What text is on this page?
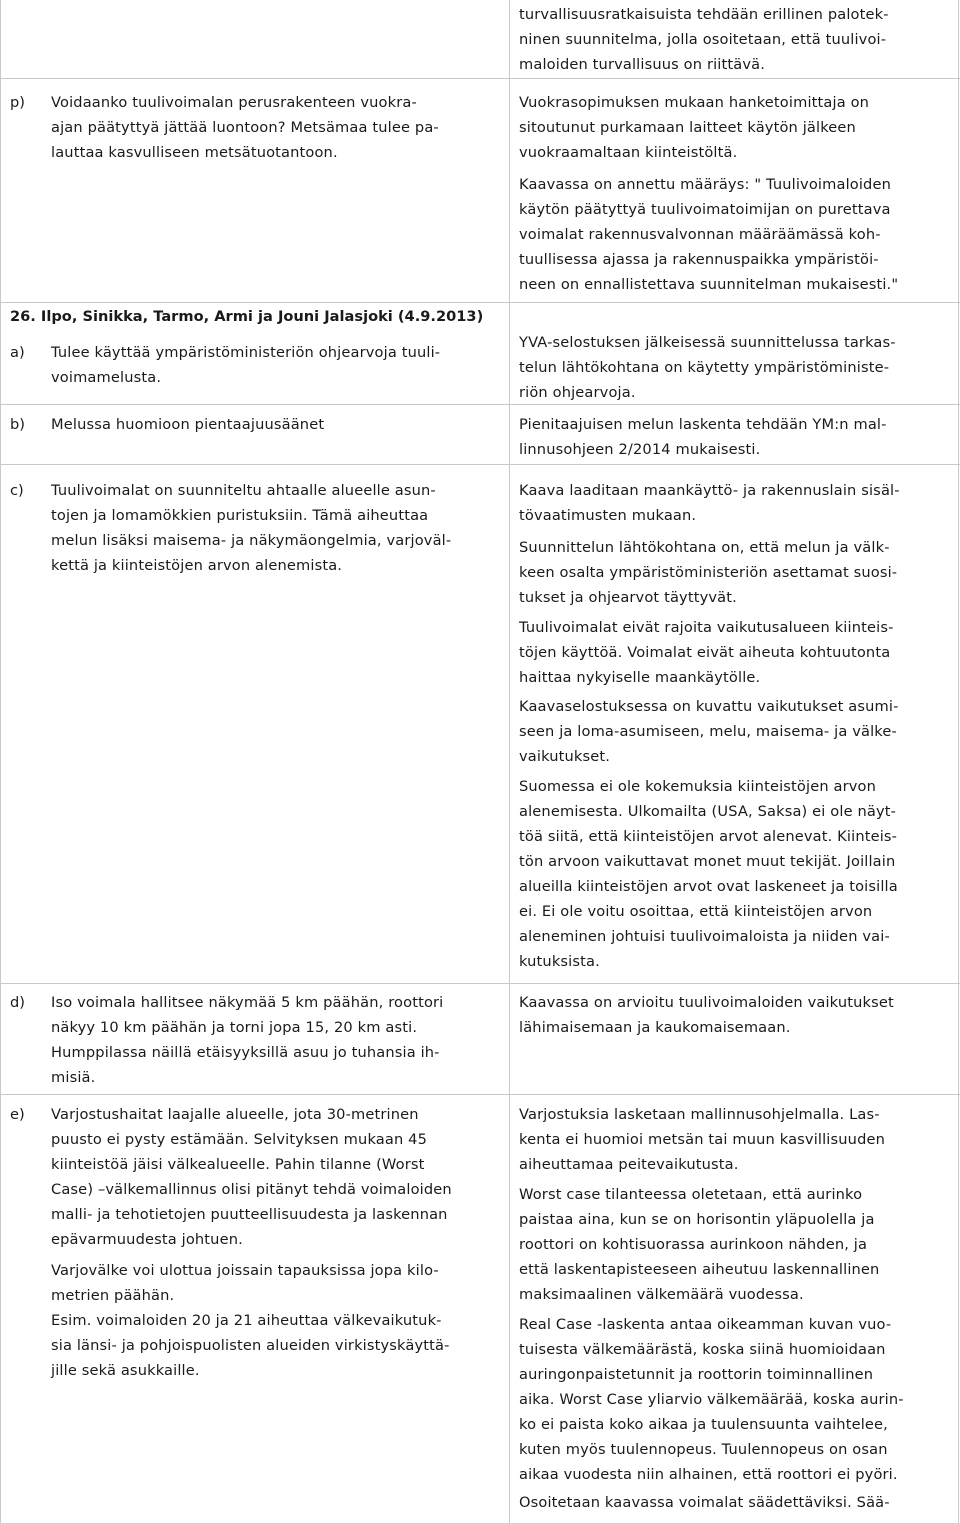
turvallisuusratkaisuista tehdään erillinen palotek-
ninen suunnitelma, jolla osoitetaan, että tuulivoi-
maloiden turvallisuus on riittävä.
p) Voidaanko tuulivoimalan perusrakenteen vuokra-
ajan päätyttyä jättää luontoon? Metsämaa tulee pa-
lauttaa kasvulliseen metsätuotantoon.
Vuokrasopimuksen mukaan hanketoimittaja on
sitoutunut purkamaan laitteet käytön jälkeen
vuokraamaltaan kiinteistöltä.
Kaavassa on annettu määräys: " Tuulivoimaloiden
käytön päätyttyä tuulivoimatoimijan on purettava
voimalat rakennusvalvonnan määräämässä koh-
tuullisessa ajassa ja rakennuspaikka ympäristöi-
neen on ennallistettava suunnitelman mukaisesti."
26. Ilpo, Sinikka, Tarmo, Armi ja Jouni Jalasjoki (4.9.2013)
a) Tulee käyttää ympäristöministeriön ohjearvoja tuuli-
voimamelusta.
YVA-selostuksen jälkeisessä suunnittelussa tarkas-
telun lähtökohtana on käytetty ympäristöministe-
riön ohjearvoja.
b) Melussa huomioon pientaajuusäänet	Pienitaajuisen melun laskenta tehdään YM:n mal-
linnusohjeen 2/2014 mukaisesti.
c) Tuulivoimalat on suunniteltu ahtaalle alueelle asun-
tojen ja lomamökkien puristuksiin. Tämä aiheuttaa
melun lisäksi maisema- ja näkymäongelmia, varjoväl-
kettä ja kiinteistöjen arvon alenemista.
Kaava laaditaan maankäyttö- ja rakennuslain sisäl-
tövaatimusten mukaan.
Suunnittelun lähtökohtana on, että melun ja välk-
keen osalta ympäristöministeriön asettamat suosi-
tukset ja ohjearvot täyttyvät.
Tuulivoimalat eivät rajoita vaikutusalueen kiinteis-
töjen käyttöä. Voimalat eivät aiheuta kohtuutonta
haittaa nykyiselle maankäytölle.
Kaavaselostuksessa on kuvattu vaikutukset asumi-
seen ja loma-asumiseen, melu, maisema- ja välke-
vaikutukset.
Suomessa ei ole kokemuksia kiinteistöjen arvon
alenemisesta. Ulkomailta (USA, Saksa) ei ole näyt-
töä siitä, että kiinteistöjen arvot alenevat. Kiinteis-
tön arvoon vaikuttavat monet muut tekijät. Joillain
alueilla kiinteistöjen arvot ovat laskeneet ja toisilla
ei. Ei ole voitu osoittaa, että kiinteistöjen arvon
aleneminen johtuisi tuulivoimaloista ja niiden vai-
kutuksista.
d) Iso voimala hallitsee näkymää 5 km päähän, roottori
näkyy 10 km päähän ja torni jopa 15, 20 km asti.
Humppilassa näillä etäisyyksillä asuu jo tuhansia ih-
misiä.
Kaavassa on arvioitu tuulivoimaloiden vaikutukset
lähimaisemaan ja kaukomaisemaan.
e) Varjostushaitat laajalle alueelle, jota 30-metrinen
puusto ei pysty estämään. Selvityksen mukaan 45
kiinteistöä jäisi välkealueelle. Pahin tilanne (Worst
Case) –välkemallinnus olisi pitänyt tehdä voimaloiden
malli- ja tehotietojen puutteellisuudesta ja laskennan
epävarmuudesta johtuen.
Varjovälke voi ulottua joissain tapauksissa jopa kilo-
metrien päähän.
Esim. voimaloiden 20 ja 21 aiheuttaa välkevaikutuk-
sia länsi- ja pohjoispuolisten alueiden virkistyskäyttä-
jille sekä asukkaille.
Varjostuksia lasketaan mallinnusohjelmalla. Las-
kenta ei huomioi metsän tai muun kasvillisuuden
aiheuttamaa peitevaikutusta.
Worst case tilanteessa oletetaan, että aurinko
paistaa aina, kun se on horisontin yläpuolella ja
roottori on kohtisuorassa aurinkoon nähden, ja
että laskentapisteeseen aiheutuu laskennallinen
maksimaalinen välkemäärä vuodessa.
Real Case -laskenta antaa oikeamman kuvan vuo-
tuisesta välkemäärästä, koska siinä huomioidaan
auringonpaistetunnit ja roottorin toiminnallinen
aika. Worst Case yliarvio välkemäärää, koska aurin-
ko ei paista koko aikaa ja tuulensuunta vaihtelee,
kuten myös tuulennopeus. Tuulennopeus on osan
aikaa vuodesta niin alhainen, että roottori ei pyöri.
Osoitetaan kaavassa voimalat säädettäviksi. Sää-
